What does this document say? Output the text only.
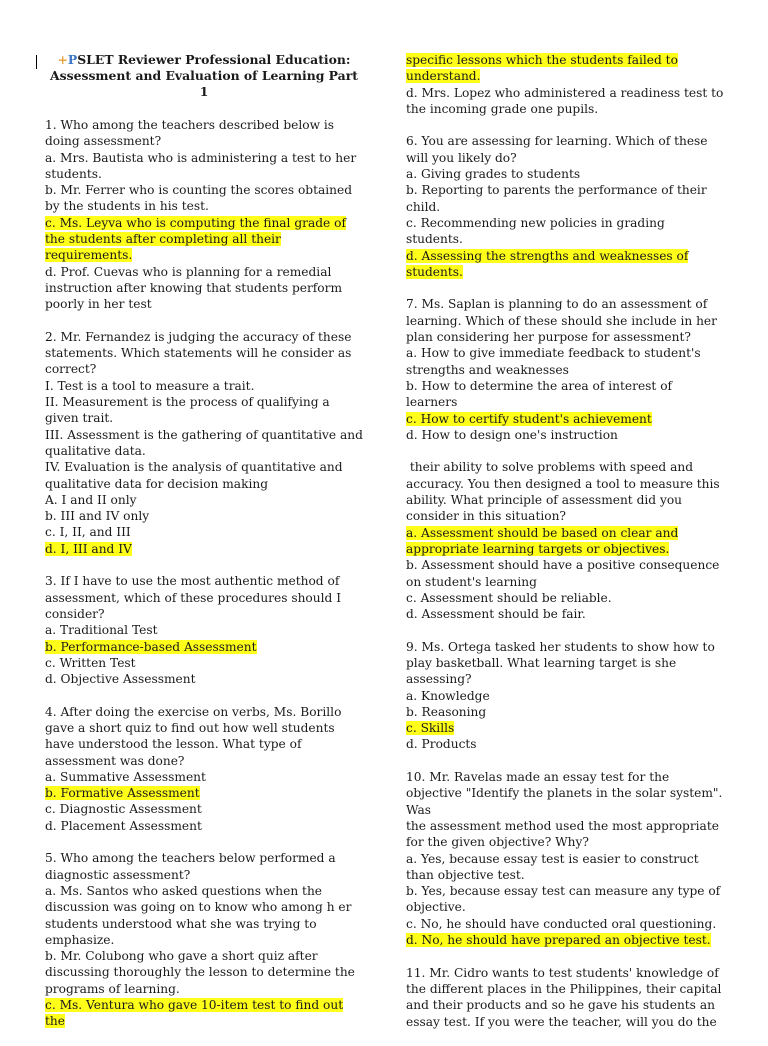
+PSLET Reviewer Professional Education:
Assessment and Evaluation of Learning Part 1
1. Who among the teachers described below is doing assessment?
a. Mrs. Bautista who is administering a test to her students.
b. Mr. Ferrer who is counting the scores obtained by the students in his test.
c. Ms. Leyva who is computing the final grade of the students after completing all their requirements.
d. Prof. Cuevas who is planning for a remedial instruction after knowing that students perform poorly in her test
2. Mr. Fernandez is judging the accuracy of these statements. Which statements will he consider as correct?
I. Test is a tool to measure a trait.
II. Measurement is the process of qualifying a given trait.
III. Assessment is the gathering of quantitative and qualitative data.
IV. Evaluation is the analysis of quantitative and qualitative data for decision making
A. I and II only
b. III and IV only
c. I, II, and III
d. I, III and IV
3. If I have to use the most authentic method of assessment, which of these procedures should I consider?
a. Traditional Test
b. Performance-based Assessment
c. Written Test
d. Objective Assessment
4. After doing the exercise on verbs, Ms. Borillo gave a short quiz to find out how well students have understood the lesson. What type of assessment was done?
a. Summative Assessment
b. Formative Assessment
c. Diagnostic Assessment
d. Placement Assessment
5. Who among the teachers below performed a diagnostic assessment?
a. Ms. Santos who asked questions when the discussion was going on to know who among h er students understood what she was trying to emphasize.
b. Mr. Colubong who gave a short quiz after discussing thoroughly the lesson to determine the programs of learning.
c. Ms. Ventura who gave 10-item test to find out the
specific lessons which the students failed to understand.
d. Mrs. Lopez who administered a readiness test to the incoming grade one pupils.
6. You are assessing for learning. Which of these will you likely do?
a. Giving grades to students
b. Reporting to parents the performance of their child.
c. Recommending new policies in grading students.
d. Assessing the strengths and weaknesses of students.
7. Ms. Saplan is planning to do an assessment of learning. Which of these should she include in her plan considering her purpose for assessment?
a. How to give immediate feedback to student's strengths and weaknesses
b. How to determine the area of interest of learners
c. How to certify student's achievement
d. How to design one's instruction
their ability to solve problems with speed and accuracy. You then designed a tool to measure this ability. What principle of assessment did you consider in this situation?
a. Assessment should be based on clear and appropriate learning targets or objectives.
b. Assessment should have a positive consequence on student's learning
c. Assessment should be reliable.
d. Assessment should be fair.
9. Ms. Ortega tasked her students to show how to play basketball. What learning target is she assessing?
a. Knowledge
b. Reasoning
c. Skills
d. Products
10. Mr. Ravelas made an essay test for the objective "Identify the planets in the solar system". Was
the assessment method used the most appropriate for the given objective? Why?
a. Yes, because essay test is easier to construct than objective test.
b. Yes, because essay test can measure any type of objective.
c. No, he should have conducted oral questioning.
d. No, he should have prepared an objective test.
11. Mr. Cidro wants to test students' knowledge of the different places in the Philippines, their capital and their products and so he gave his students an essay test. If you were the teacher, will you do the
